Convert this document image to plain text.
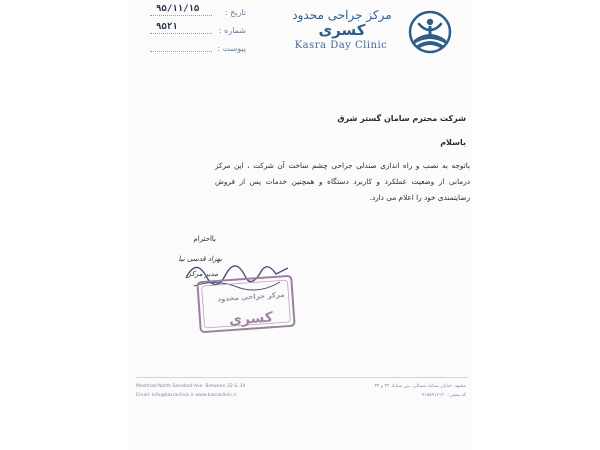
مرکز جراحی محدود
کسری
Kasra Day Clinic
تاریخ :
۹۵/۱۱/۱۵
شماره :
۹۵۲۱
پیوست :
شرکت محترم سامان گستر شرق
باسلام
باتوجه به نصب و راه اندازی صندلی جراحی چشم ساخت آن شرکت ، این مرکز درمانی از وضعیت عملکرد و کاربرد دستگاه و همچنین خدمات پس از فروش رضایتمندی خود را اعلام می دارد.
بااحترام
بهزاد قدسی نیا
مدیر مرکز
مرکز جراحی محدود
کسری
Mashhad North Sanabad Ave. Between 32 & 34
Email: info@kasraclinic.ir www.kasraclinic.ir
مشهد، خیابان سناباد شمالی، بین سناباد ۳۲ و ۳۴
کد پستی: ۹۱۸۵۹۱۶۱۲۰
